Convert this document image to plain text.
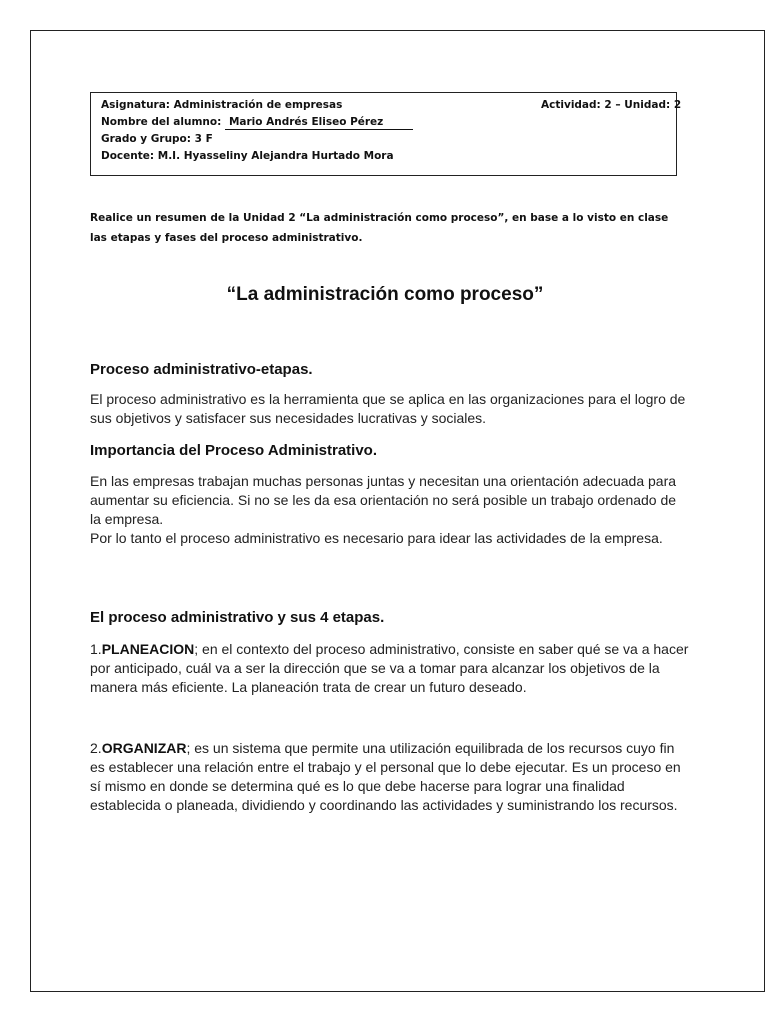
Asignatura: Administración de empresas	Actividad: 2 – Unidad: 2
Nombre del alumno: Mario Andrés Eliseo Pérez
Grado y Grupo: 3 F
Docente: M.I. Hyasseliny Alejandra Hurtado Mora
Realice un resumen de la Unidad 2 “La administración como proceso”, en base a lo visto en clase las etapas y fases del proceso administrativo.
“La administración como proceso”
Proceso administrativo-etapas.
El proceso administrativo es la herramienta que se aplica en las organizaciones para el logro de sus objetivos y satisfacer sus necesidades lucrativas y sociales.
Importancia del Proceso Administrativo.
En las empresas trabajan muchas personas juntas y necesitan una orientación adecuada para aumentar su eficiencia. Si no se les da esa orientación no será posible un trabajo ordenado de la empresa.
Por lo tanto el proceso administrativo es necesario para idear las actividades de la empresa.
El proceso administrativo y sus 4 etapas.
1.PLANEACION; en el contexto del proceso administrativo, consiste en saber qué se va a hacer por anticipado, cuál va a ser la dirección que se va a tomar para alcanzar los objetivos de la manera más eficiente. La planeación trata de crear un futuro deseado.
2.ORGANIZAR; es un sistema que permite una utilización equilibrada de los recursos cuyo fin es establecer una relación entre el trabajo y el personal que lo debe ejecutar. Es un proceso en sí mismo en donde se determina qué es lo que debe hacerse para lograr una finalidad establecida o planeada, dividiendo y coordinando las actividades y suministrando los recursos.
